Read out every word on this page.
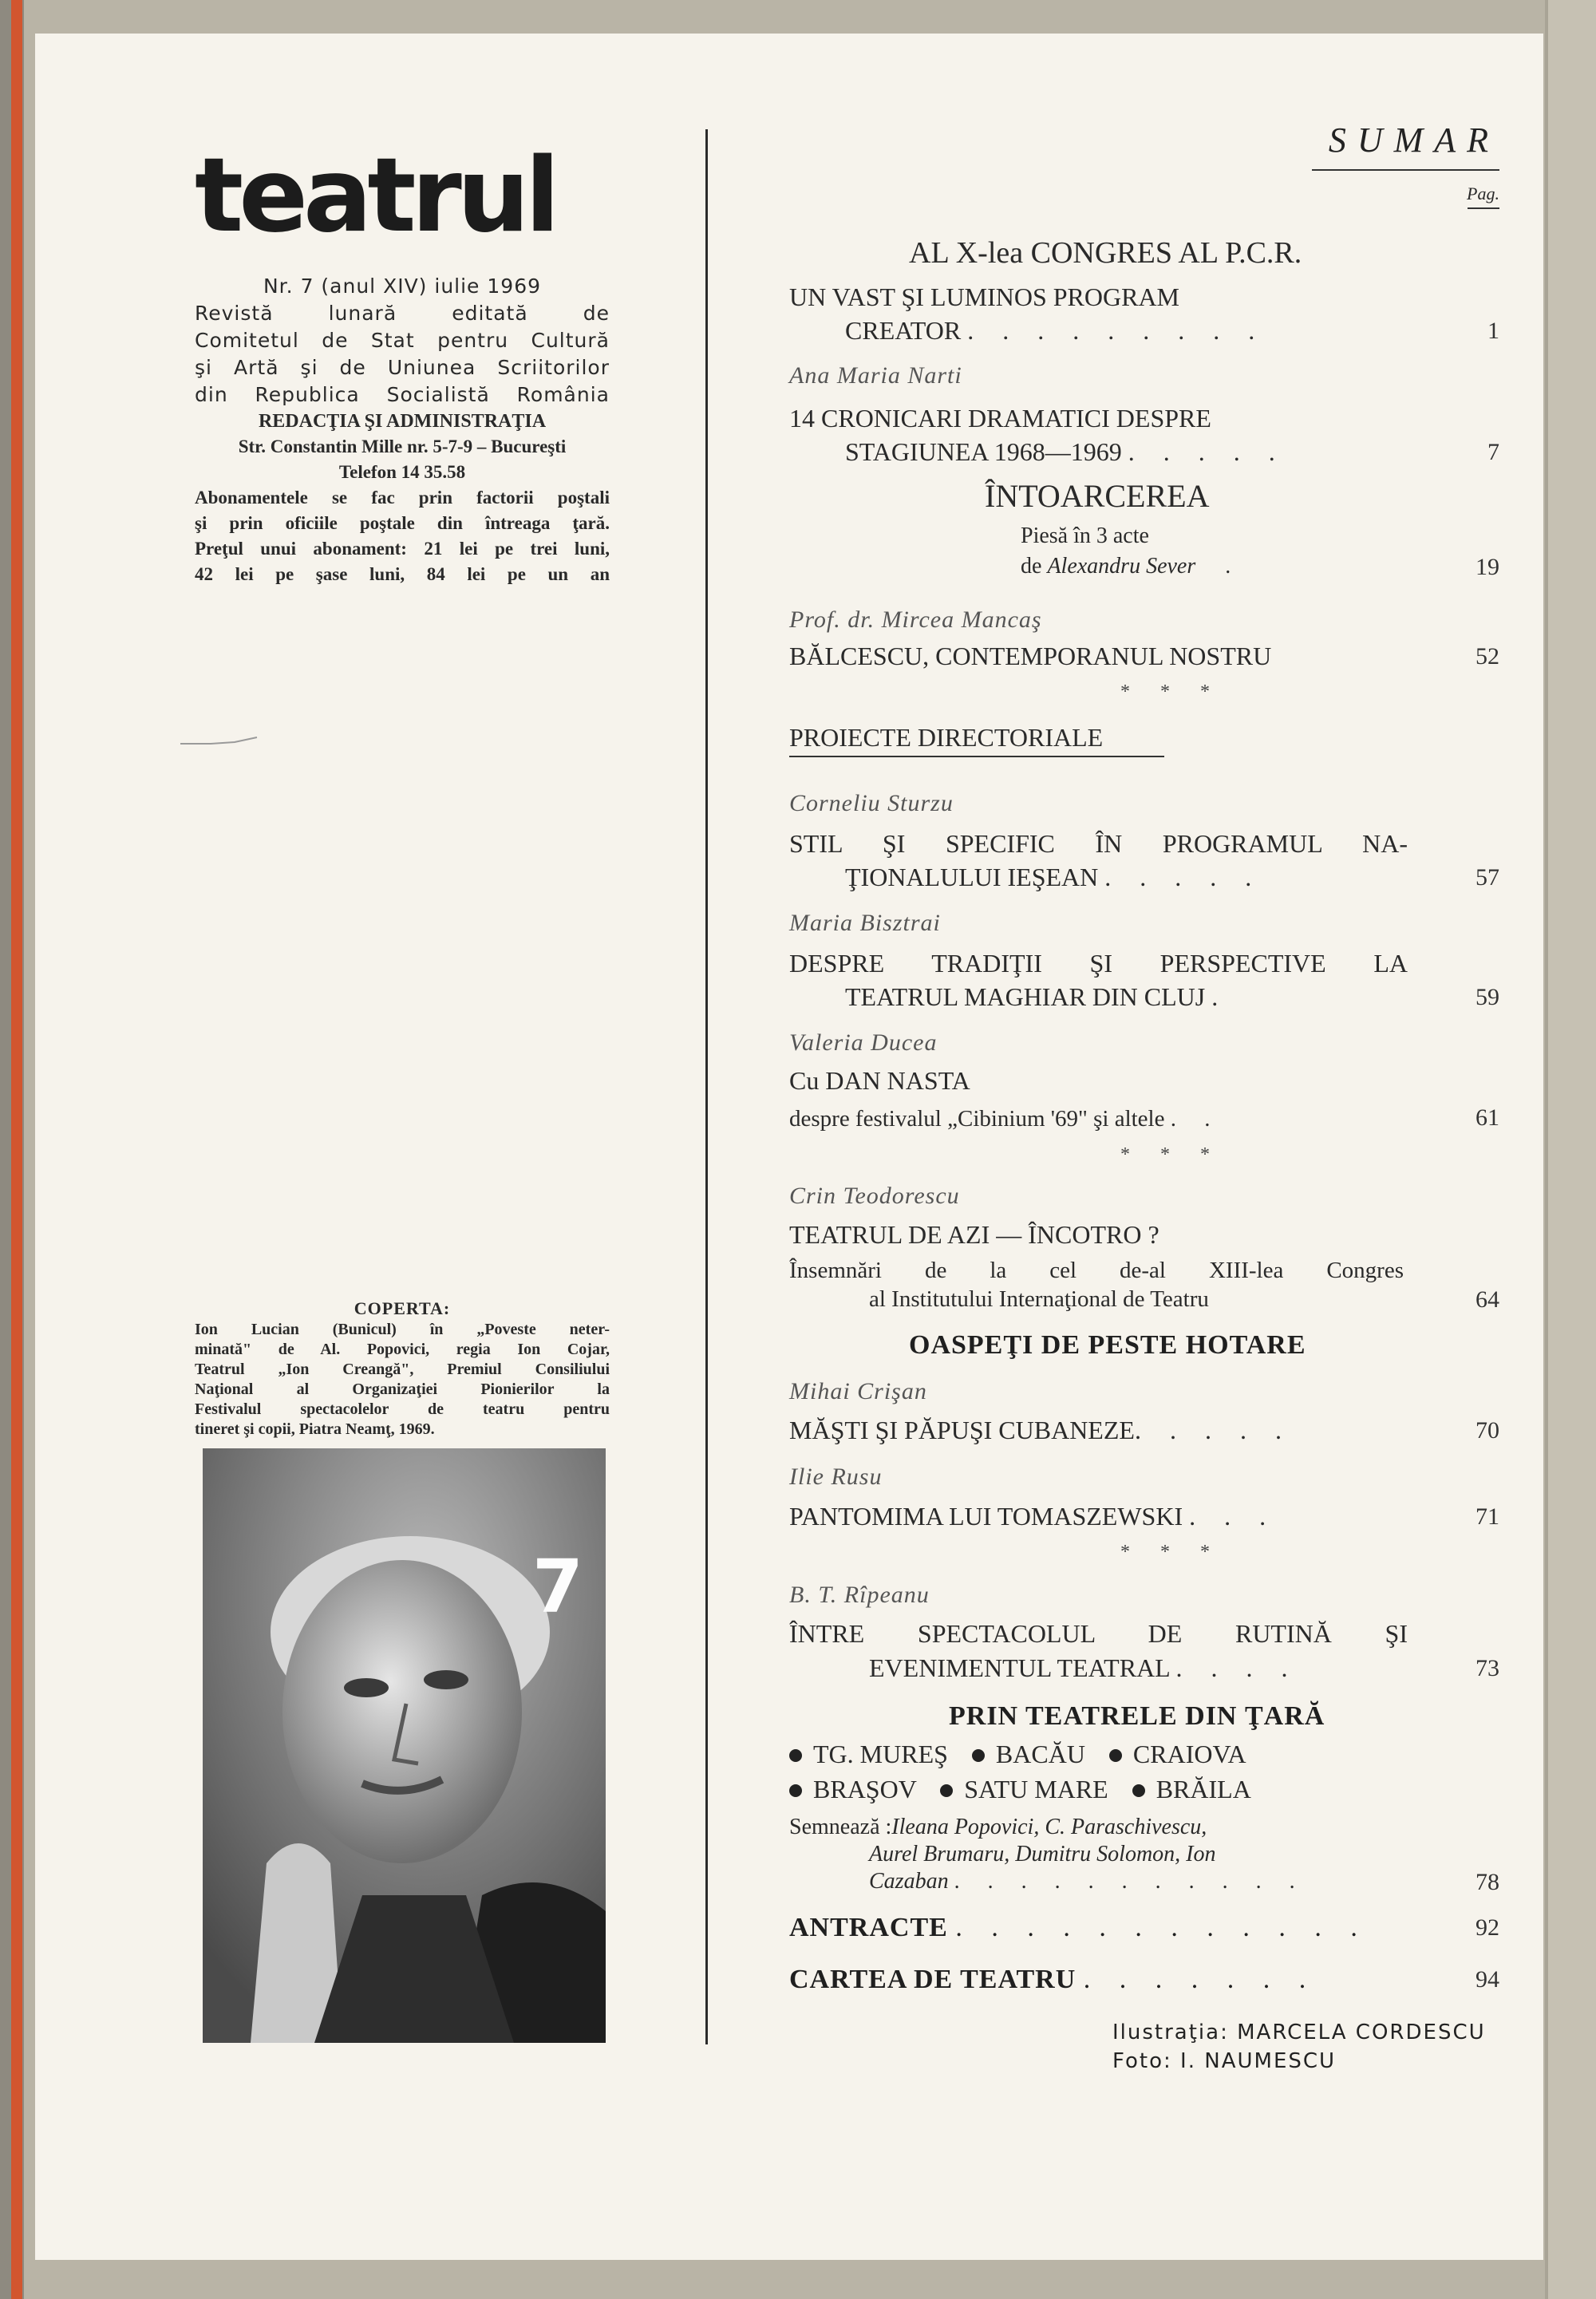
teatrul
Nr. 7 (anul XIV) iulie 1969
Revistă lunară editată de
Comitetul de Stat pentru Cultură
şi Artă şi de Uniunea Scriitorilor
din Republica Socialistă România
REDACŢIA ŞI ADMINISTRAŢIA
Str. Constantin Mille nr. 5-7-9 – Bucureşti
Telefon 14 35.58
Abonamentele se fac prin factorii poştali
şi prin oficiile poştale din întreaga ţară.
Preţul unui abonament: 21 lei pe trei luni,
42 lei pe şase luni, 84 lei pe un an
COPERTA:
Ion Lucian (Bunicul) în „Poveste neter-
minată" de Al. Popovici, regia Ion Cojar,
Teatrul „Ion Creangă", Premiul Consiliului
Naţional al Organizaţiei Pionierilor la
Festivalul spectacolelor de teatru pentru
tineret şi copii, Piatra Neamţ, 1969.
7
SUMAR
Pag.
AL X-lea CONGRES AL P.C.R.
UN VAST ŞI LUMINOS PROGRAM
CREATOR . . . . . . . . .	1
Ana Maria Narti
14 CRONICARI DRAMATICI DESPRE
STAGIUNEA 1968—1969 . . . . .	7
ÎNTOARCEREA
Piesă în 3 acte
de Alexandru Sever .	19
Prof. dr. Mircea Mancaş
BĂLCESCU, CONTEMPORANUL NOSTRU	52
* * *
PROIECTE DIRECTORIALE
Corneliu Sturzu
STIL ŞI SPECIFIC ÎN PROGRAMUL NA-
ŢIONALULUI IEŞEAN . . . . .	57
Maria Bisztrai
DESPRE TRADIŢII ŞI PERSPECTIVE LA
TEATRUL MAGHIAR DIN CLUJ .	59
Valeria Ducea
Cu DAN NASTA
despre festivalul „Cibinium '69" şi altele . .	61
* * *
Crin Teodorescu
TEATRUL DE AZI — ÎNCOTRO ?
Însemnări de la cel de-al XIII-lea Congres
al Institutului Internaţional de Teatru	64
OASPEŢI DE PESTE HOTARE
Mihai Crişan
MĂŞTI ŞI PĂPUŞI CUBANEZE. . . . .	70
Ilie Rusu
PANTOMIMA LUI TOMASZEWSKI . . .	71
* * *
B. T. Rîpeanu
ÎNTRE SPECTACOLUL DE RUTINĂ ŞI
EVENIMENTUL TEATRAL . . . .	73
PRIN TEATRELE DIN ŢARĂ
TG. MUREŞ BACĂU CRAIOVA
BRAŞOV SATU MARE BRĂILA
Semnează :Ileana Popovici, C. Paraschivescu,
Aurel Brumaru, Dumitru Solomon, Ion
Cazaban . . . . . . . . . . .	78
ANTRACTE . . . . . . . . . . . .	92
CARTEA DE TEATRU . . . . . . .	94
Ilustraţia: MARCELA CORDESCU
Foto: I. NAUMESCU
